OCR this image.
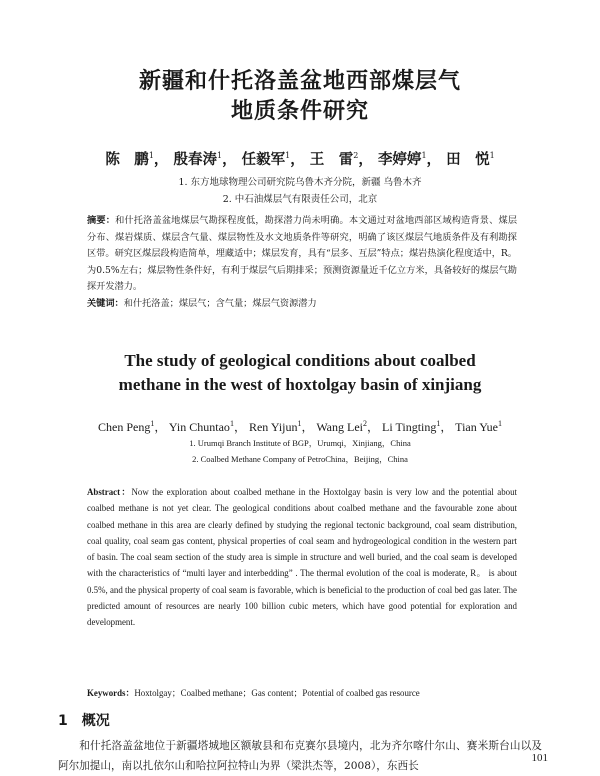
新疆和什托洛盖盆地西部煤层气
地质条件研究
陈　鹏$^1$， 殷春涛$^1$， 任毅军$^1$， 王　雷$^2$， 李婷婷$^1$， 田　悦$^1$
1. 东方地球物理公司研究院乌鲁木齐分院，新疆 乌鲁木齐
2. 中石油煤层气有限责任公司，北京
摘要：和什托洛盖盆地煤层气勘探程度低，勘探潜力尚未明确。本文通过对盆地西部区域构造背景、煤层分布、煤岩煤质、煤层含气量、煤层物性及水文地质条件等研究，明确了该区煤层气地质条件及有利勘探区带。研究区煤层段构造简单，埋藏适中；煤层发育，具有“层多、互层”特点；煤岩热演化程度适中，R。为0.5%左右；煤层物性条件好，有利于煤层气后期排采；预测资源量近千亿立方米，具备较好的煤层气勘探开发潜力。
关键词：和什托洛盖；煤层气；含气量；煤层气资源潜力
The study of geological conditions about coalbed
methane in the west of hoxtolgay basin of xinjiang
Chen Peng$^1$， Yin Chuntao$^1$， Ren Yijun$^1$， Wang Lei$^2$， Li Tingting$^1$， Tian Yue$^1$
1. Urumqi Branch Institute of BGP，Urumqi，Xinjiang，China
2. Coalbed Methane Company of PetroChina，Beijing，China
Abstract：Now the exploration about coalbed methane in the Hoxtolgay basin is very low and the potential about coalbed methane is not yet clear. The geological conditions about coalbed methane and the favourable zone about coalbed methane in this area are clearly defined by studying the regional tectonic background, coal seam distribution, coal quality, coal seam gas content, physical properties of coal seam and hydrogeological condition in the western part of basin. The coal seam section of the study area is simple in structure and well buried, and the coal seam is developed with the characteristics of “multi layer and interbedding” . The thermal evolution of the coal is moderate, R。 is about 0.5%, and the physical property of coal seam is favorable, which is beneficial to the production of coal bed gas later. The predicted amount of resources are nearly 100 billion cubic meters, which have good potential for exploration and development.
Keywords：Hoxtolgay；Coalbed methane；Gas content；Potential of coalbed gas resource
1 概况
和什托洛盖盆地位于新疆塔城地区额敏县和布克赛尔县境内，北为齐尔喀什尔山、赛米斯台山以及阿尔加提山，南以扎依尔山和哈拉阿拉特山为界（梁洪杰等，2008），东西长
101
